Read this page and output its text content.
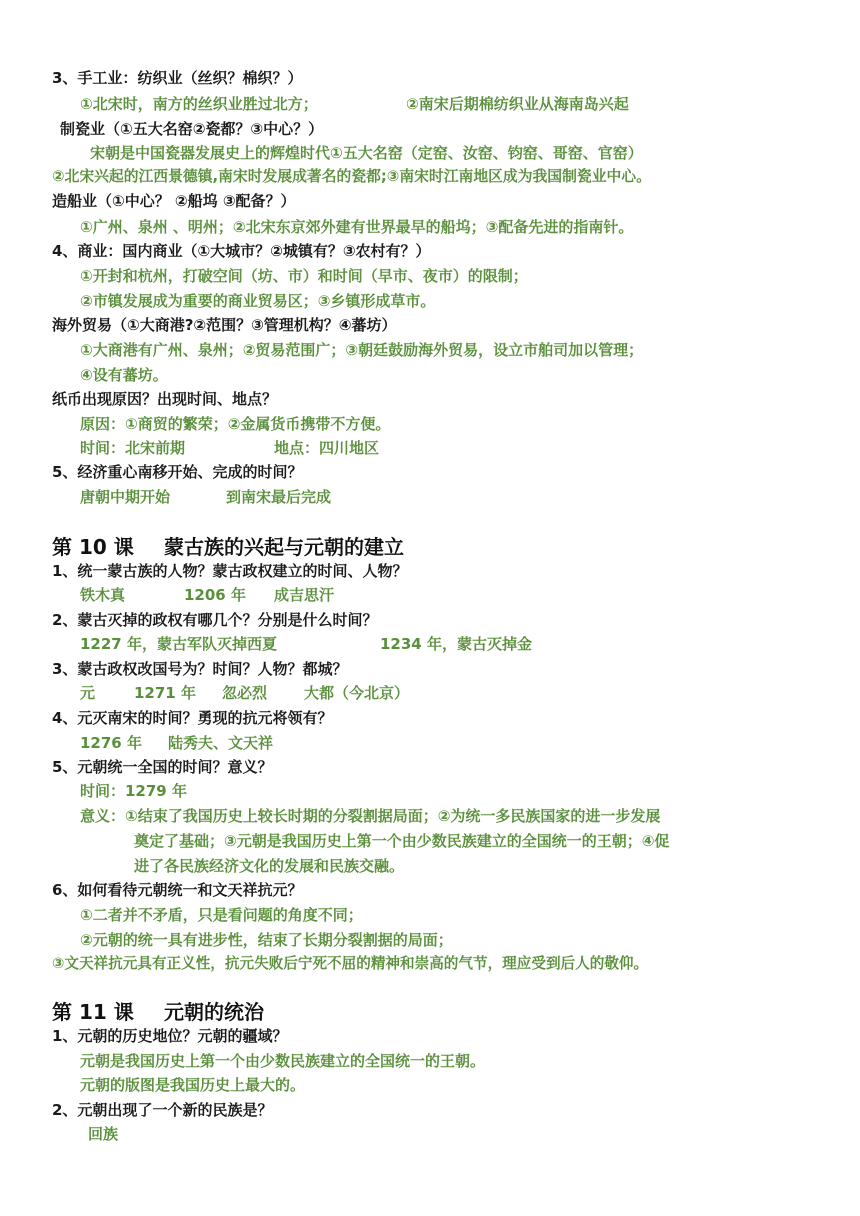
3、手工业：纺织业（丝织？棉织？）
①北宋时，南方的丝织业胜过北方；	②南宋后期棉纺织业从海南岛兴起
制瓷业（①五大名窑②瓷都？③中心？）
宋朝是中国瓷器发展史上的辉煌时代①五大名窑（定窑、汝窑、钧窑、哥窑、官窑）
②北宋兴起的江西景德镇,南宋时发展成著名的瓷都;③南宋时江南地区成为我国制瓷业中心。
造船业（①中心？ ②船坞 ③配备？）
①广州、泉州 、明州；②北宋东京郊外建有世界最早的船坞；③配备先进的指南针。
4、商业：国内商业（①大城市？②城镇有？③农村有？）
①开封和杭州，打破空间（坊、市）和时间（早市、夜市）的限制；
②市镇发展成为重要的商业贸易区；③乡镇形成草市。
海外贸易（①大商港?②范围？③管理机构？④蕃坊）
①大商港有广州、泉州；②贸易范围广；③朝廷鼓励海外贸易，设立市舶司加以管理；
④设有蕃坊。
纸币出现原因？出现时间、地点？
原因：①商贸的繁荣；②金属货币携带不方便。
时间：北宋前期	地点：四川地区
5、经济重心南移开始、完成的时间？
唐朝中期开始	到南宋最后完成
第 10 课 蒙古族的兴起与元朝的建立
1、统一蒙古族的人物？蒙古政权建立的时间、人物？
铁木真	1206 年 成吉思汗
2、蒙古灭掉的政权有哪几个？分别是什么时间？
1227 年，蒙古军队灭掉西夏	1234 年，蒙古灭掉金
3、蒙古政权改国号为？时间？人物？都城？
元	1271 年 忽必烈 大都（今北京）
4、元灭南宋的时间？勇现的抗元将领有？
1276 年 陆秀夫、文天祥
5、元朝统一全国的时间？意义？
时间：1279 年
意义：①结束了我国历史上较长时期的分裂割据局面；②为统一多民族国家的进一步发展
奠定了基础；③元朝是我国历史上第一个由少数民族建立的全国统一的王朝；④促
进了各民族经济文化的发展和民族交融。
6、如何看待元朝统一和文天祥抗元？
①二者并不矛盾，只是看问题的角度不同；
②元朝的统一具有进步性，结束了长期分裂割据的局面；
③文天祥抗元具有正义性，抗元失败后宁死不屈的精神和崇高的气节，理应受到后人的敬仰。
第 11 课 元朝的统治
1、元朝的历史地位？元朝的疆域？
元朝是我国历史上第一个由少数民族建立的全国统一的王朝。
元朝的版图是我国历史上最大的。
2、元朝出现了一个新的民族是？
回族
